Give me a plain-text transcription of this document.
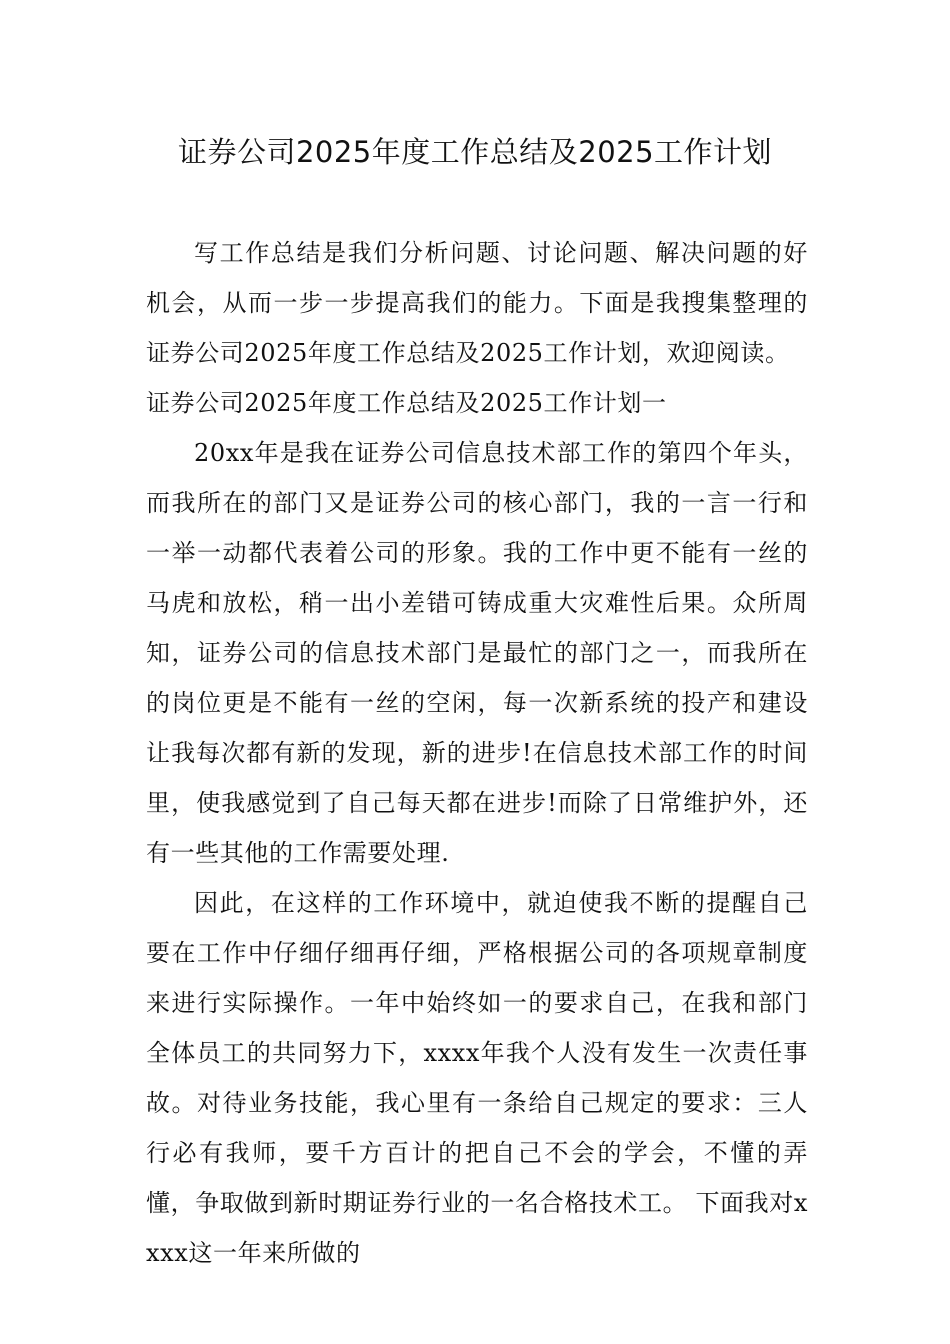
证券公司2025年度工作总结及2025工作计划

写工作总结是我们分析问题、讨论问题、解决问题的好机会，从而一步一步提高我们的能力。下面是我搜集整理的证券公司2025年度工作总结及2025工作计划，欢迎阅读。

证券公司2025年度工作总结及2025工作计划一

20xx年是我在证券公司信息技术部工作的第四个年头，而我所在的部门又是证券公司的核心部门，我的一言一行和一举一动都代表着公司的形象。我的工作中更不能有一丝的马虎和放松，稍一出小差错可铸成重大灾难性后果。众所周知，证券公司的信息技术部门是最忙的部门之一，而我所在的岗位更是不能有一丝的空闲，每一次新系统的投产和建设让我每次都有新的发现，新的进步!在信息技术部工作的时间里，使我感觉到了自己每天都在进步!而除了日常维护外，还有一些其他的工作需要处理.

因此，在这样的工作环境中，就迫使我不断的提醒自己要在工作中仔细仔细再仔细，严格根据公司的各项规章制度来进行实际操作。一年中始终如一的要求自己，在我和部门全体员工的共同努力下，xxxx年我个人没有发生一次责任事故。对待业务技能，我心里有一条给自己规定的要求：三人行必有我师，要千方百计的把自己不会的学会，不懂的弄懂，争取做到新时期证券行业的一名合格技术工。 下面我对xxxx这一年来所做的
